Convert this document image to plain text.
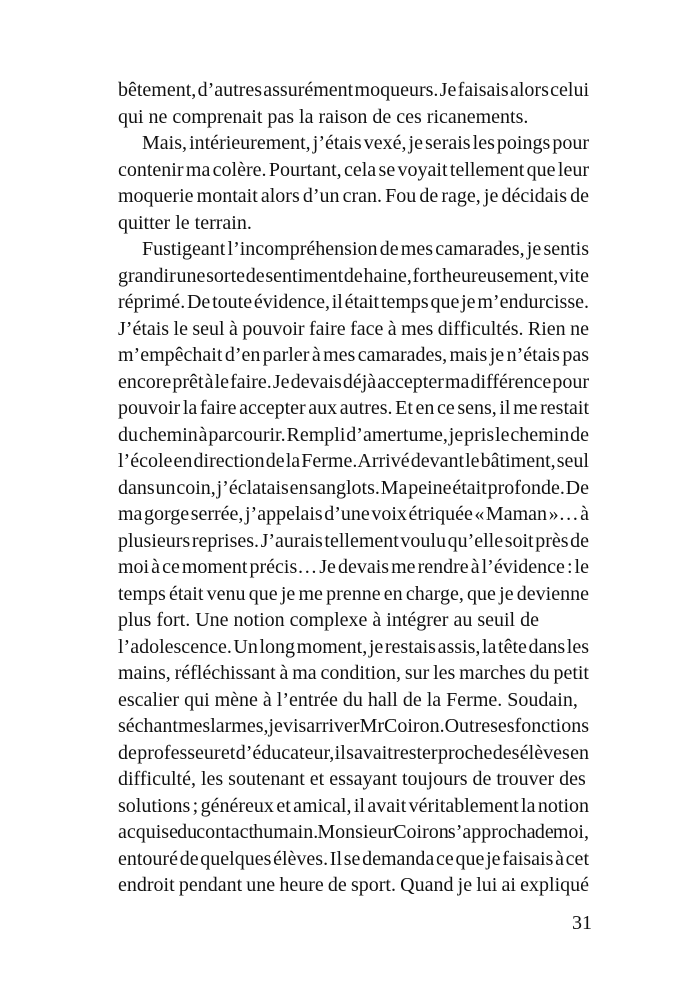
bêtement, d’autres assurément moqueurs. Je faisais alors celui
qui ne comprenait pas la raison de ces ricanements.
Mais, intérieurement, j’étais vexé, je serais les poings pour
contenir ma colère. Pourtant, cela se voyait tellement que leur
moquerie montait alors d’un cran. Fou de rage, je décidais de
quitter le terrain.
Fustigeant l’incompréhension de mes camarades, je sentis
grandir une sorte de sentiment de haine, fort heureusement, vite
réprimé. De toute évidence, il était temps que je m’endurcisse.
J’étais le seul à pouvoir faire face à mes difficultés. Rien ne
m’empêchait d’en parler à mes camarades, mais je n’étais pas
encore prêt à le faire. Je devais déjà accepter ma différence pour
pouvoir la faire accepter aux autres. Et en ce sens, il me restait
du chemin à parcourir. Rempli d’amertume, je pris le chemin de
l’école en direction de la Ferme. Arrivé devant le bâtiment, seul
dans un coin, j’éclatais en sanglots. Ma peine était profonde. De
ma gorge serrée, j’appelais d’une voix étriquée « Maman »… à
plusieurs reprises. J’aurais tellement voulu qu’elle soit près de
moi à ce moment précis… Je devais me rendre à l’évidence : le
temps était venu que je me prenne en charge, que je devienne
plus fort. Une notion complexe à intégrer au seuil de
l’adolescence. Un long moment, je restais assis, la tête dans les
mains, réfléchissant à ma condition, sur les marches du petit
escalier qui mène à l’entrée du hall de la Ferme. Soudain,
séchant mes larmes, je vis arriver Mr Coiron. Outre ses fonctions
de professeur et d’éducateur, il savait rester proche des élèves en
difficulté, les soutenant et essayant toujours de trouver des
solutions ; généreux et amical, il avait véritablement la notion
acquise du contact humain. Monsieur Coiron s’approcha de moi,
entouré de quelques élèves. Il se demanda ce que je faisais à cet
endroit pendant une heure de sport. Quand je lui ai expliqué
31
